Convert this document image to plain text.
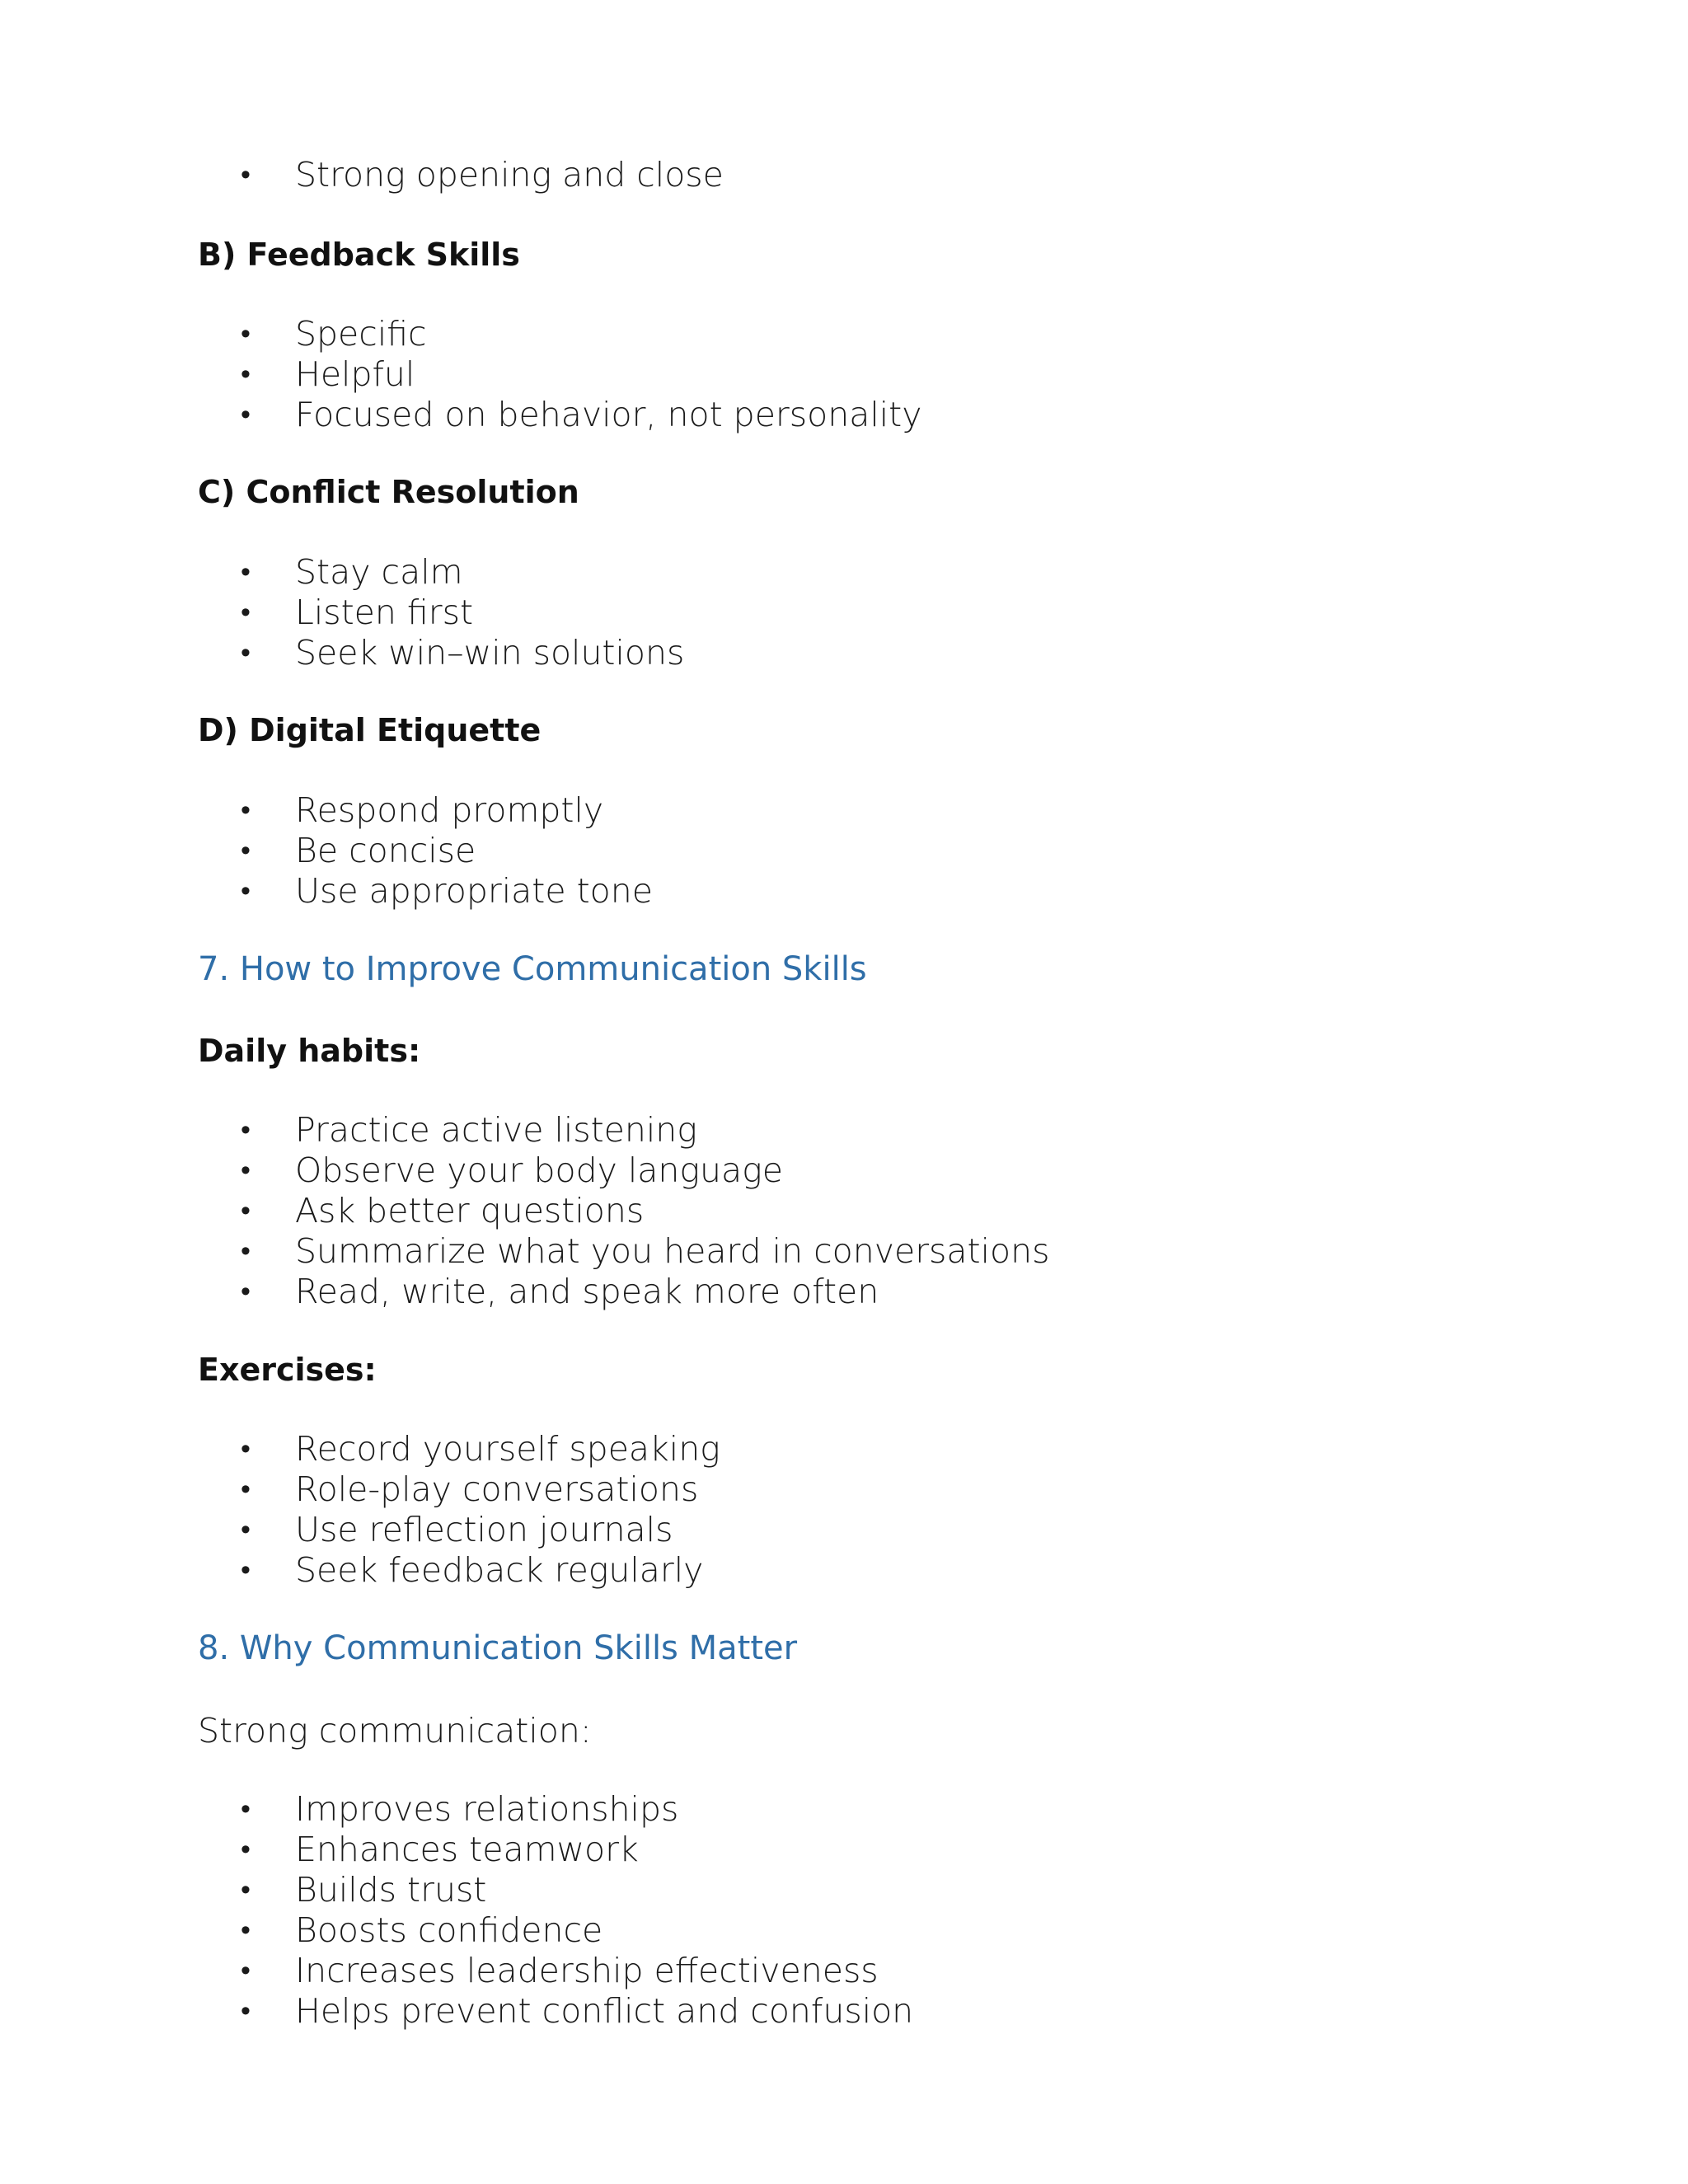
• Strong opening and close
B) Feedback Skills
• Specific
• Helpful
• Focused on behavior, not personality
C) Conflict Resolution
• Stay calm
• Listen first
• Seek win–win solutions
D) Digital Etiquette
• Respond promptly
• Be concise
• Use appropriate tone
7. How to Improve Communication Skills
Daily habits:
• Practice active listening
• Observe your body language
• Ask better questions
• Summarize what you heard in conversations
• Read, write, and speak more often
Exercises:
• Record yourself speaking
• Role-play conversations
• Use reflection journals
• Seek feedback regularly
8. Why Communication Skills Matter
Strong communication:
• Improves relationships
• Enhances teamwork
• Builds trust
• Boosts confidence
• Increases leadership effectiveness
• Helps prevent conflict and confusion
